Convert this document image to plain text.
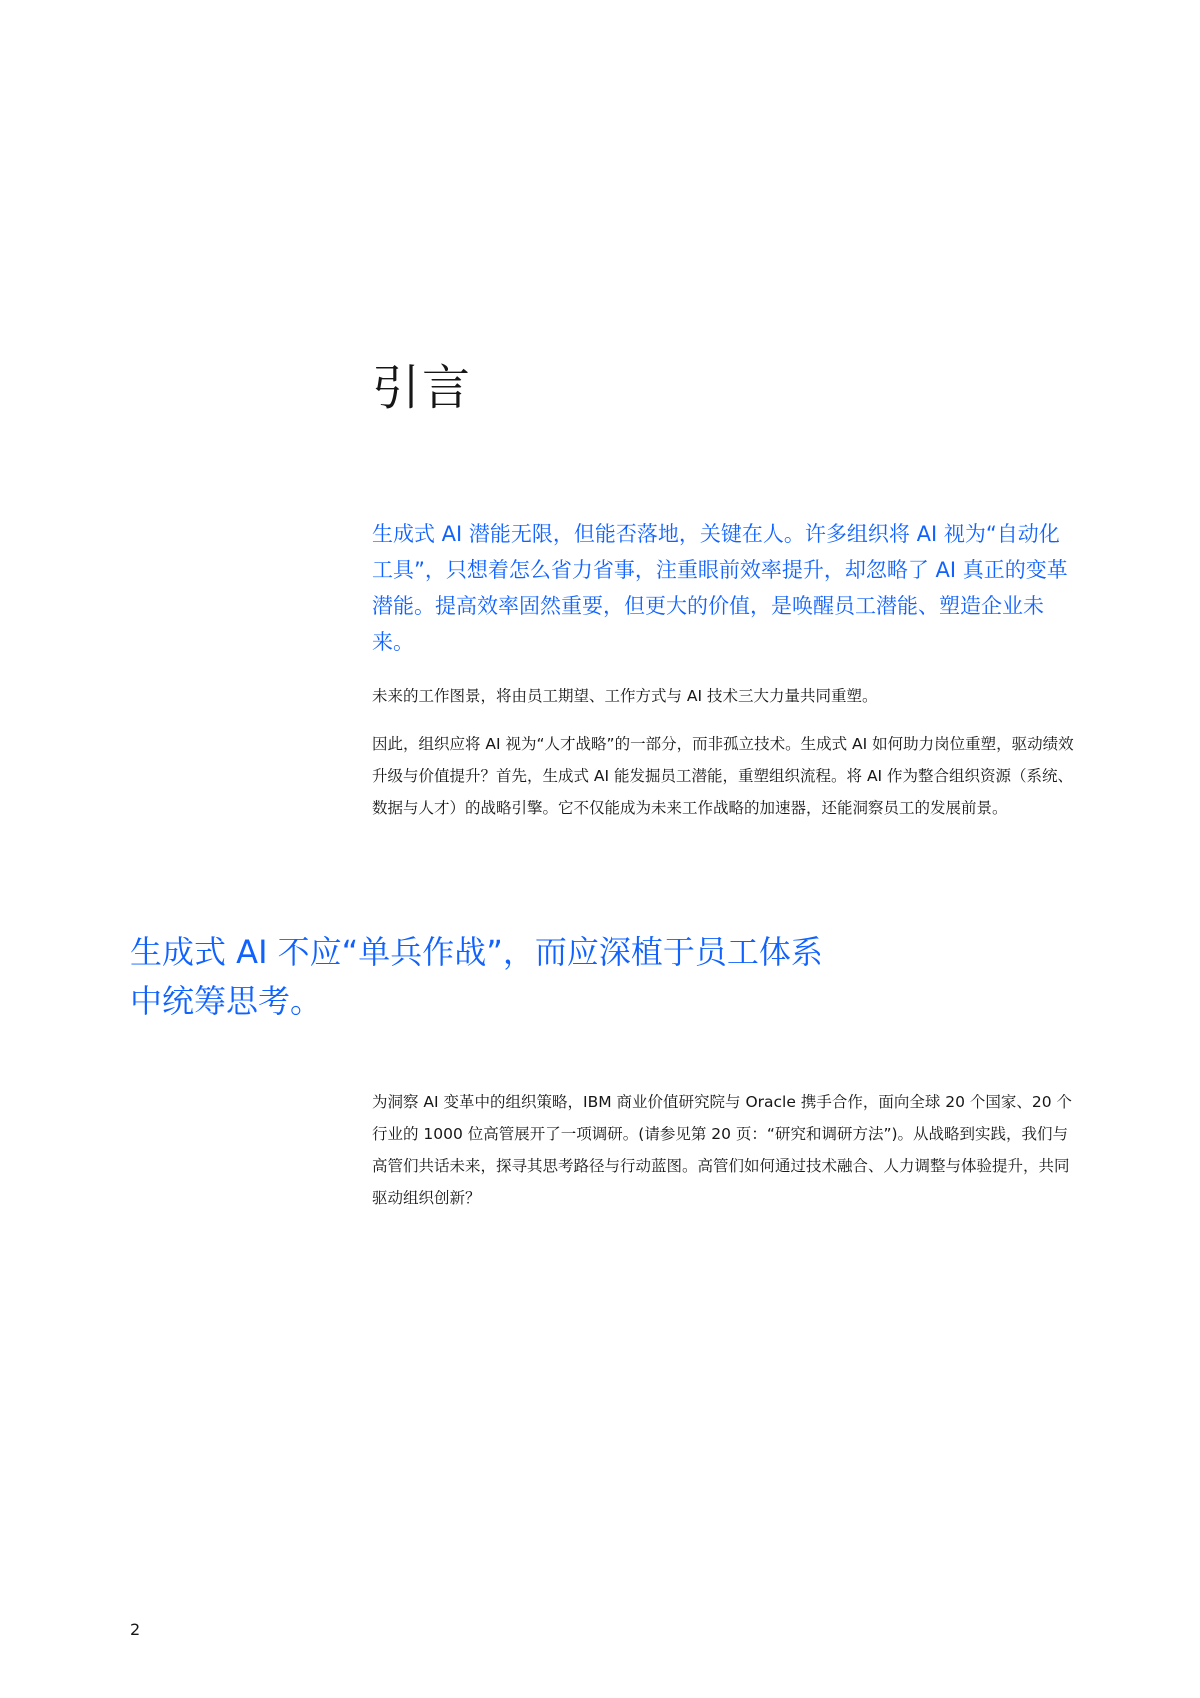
引言

生成式 AI 潜能无限，但能否落地，关键在人。许多组织将 AI 视为“自动化工具”，只想着怎么省力省事，注重眼前效率提升，却忽略了 AI 真正的变革潜能。提高效率固然重要，但更大的价值，是唤醒员工潜能、塑造企业未来。

未来的工作图景，将由员工期望、工作方式与 AI 技术三大力量共同重塑。

因此，组织应将 AI 视为“人才战略”的一部分，而非孤立技术。生成式 AI 如何助力岗位重塑，驱动绩效升级与价值提升？首先，生成式 AI 能发掘员工潜能，重塑组织流程。将 AI 作为整合组织资源（系统、数据与人才）的战略引擎。它不仅能成为未来工作战略的加速器，还能洞察员工的发展前景。

生成式 AI 不应“单兵作战”，而应深植于员工体系中统筹思考。

为洞察 AI 变革中的组织策略，IBM 商业价值研究院与 Oracle 携手合作，面向全球 20 个国家、20 个行业的 1000 位高管展开了一项调研。(请参见第 20 页：“研究和调研方法”)。从战略到实践，我们与高管们共话未来，探寻其思考路径与行动蓝图。高管们如何通过技术融合、人力调整与体验提升，共同驱动组织创新？

2
